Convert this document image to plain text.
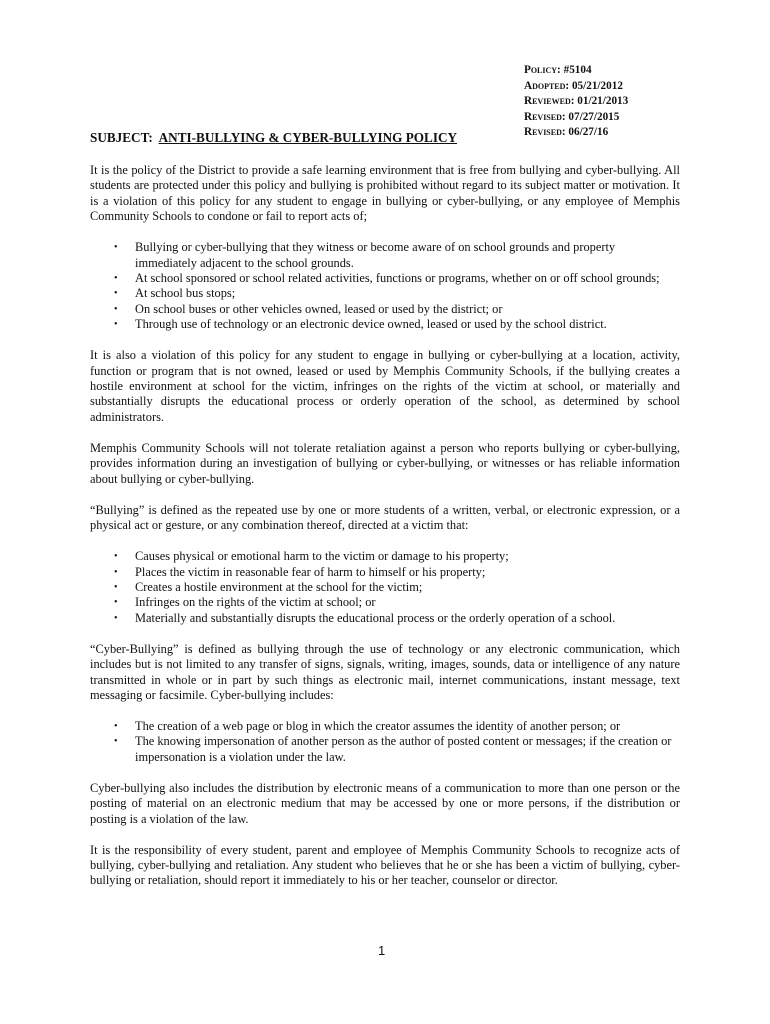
Policy: #5104
Adopted: 05/21/2012
Reviewed: 01/21/2013
Revised: 07/27/2015
Revised: 06/27/16
SUBJECT: ANTI-BULLYING & CYBER-BULLYING POLICY

It is the policy of the District to provide a safe learning environment that is free from bullying and cyber-bullying. All students are protected under this policy and bullying is prohibited without regard to its subject matter or motivation. It is a violation of this policy for any student to engage in bullying or cyber-bullying, or any employee of Memphis Community Schools to condone or fail to report acts of;

• Bullying or cyber-bullying that they witness or become aware of on school grounds and property immediately adjacent to the school grounds.
• At school sponsored or school related activities, functions or programs, whether on or off school grounds;
• At school bus stops;
• On school buses or other vehicles owned, leased or used by the district; or
• Through use of technology or an electronic device owned, leased or used by the school district.

It is also a violation of this policy for any student to engage in bullying or cyber-bullying at a location, activity, function or program that is not owned, leased or used by Memphis Community Schools, if the bullying creates a hostile environment at school for the victim, infringes on the rights of the victim at school, or materially and substantially disrupts the educational process or orderly operation of the school, as determined by school administrators.

Memphis Community Schools will not tolerate retaliation against a person who reports bullying or cyber-bullying, provides information during an investigation of bullying or cyber-bullying, or witnesses or has reliable information about bullying or cyber-bullying.

“Bullying” is defined as the repeated use by one or more students of a written, verbal, or electronic expression, or a physical act or gesture, or any combination thereof, directed at a victim that:

• Causes physical or emotional harm to the victim or damage to his property;
• Places the victim in reasonable fear of harm to himself or his property;
• Creates a hostile environment at the school for the victim;
• Infringes on the rights of the victim at school; or
• Materially and substantially disrupts the educational process or the orderly operation of a school.

“Cyber-Bullying” is defined as bullying through the use of technology or any electronic communication, which includes but is not limited to any transfer of signs, signals, writing, images, sounds, data or intelligence of any nature transmitted in whole or in part by such things as electronic mail, internet communications, instant message, text messaging or facsimile. Cyber-bullying includes:

• The creation of a web page or blog in which the creator assumes the identity of another person; or
• The knowing impersonation of another person as the author of posted content or messages; if the creation or impersonation is a violation under the law.

Cyber-bullying also includes the distribution by electronic means of a communication to more than one person or the posting of material on an electronic medium that may be accessed by one or more persons, if the distribution or posting is a violation of the law.

It is the responsibility of every student, parent and employee of Memphis Community Schools to recognize acts of bullying, cyber-bullying and retaliation. Any student who believes that he or she has been a victim of bullying, cyber-bullying or retaliation, should report it immediately to his or her teacher, counselor or director.

1
